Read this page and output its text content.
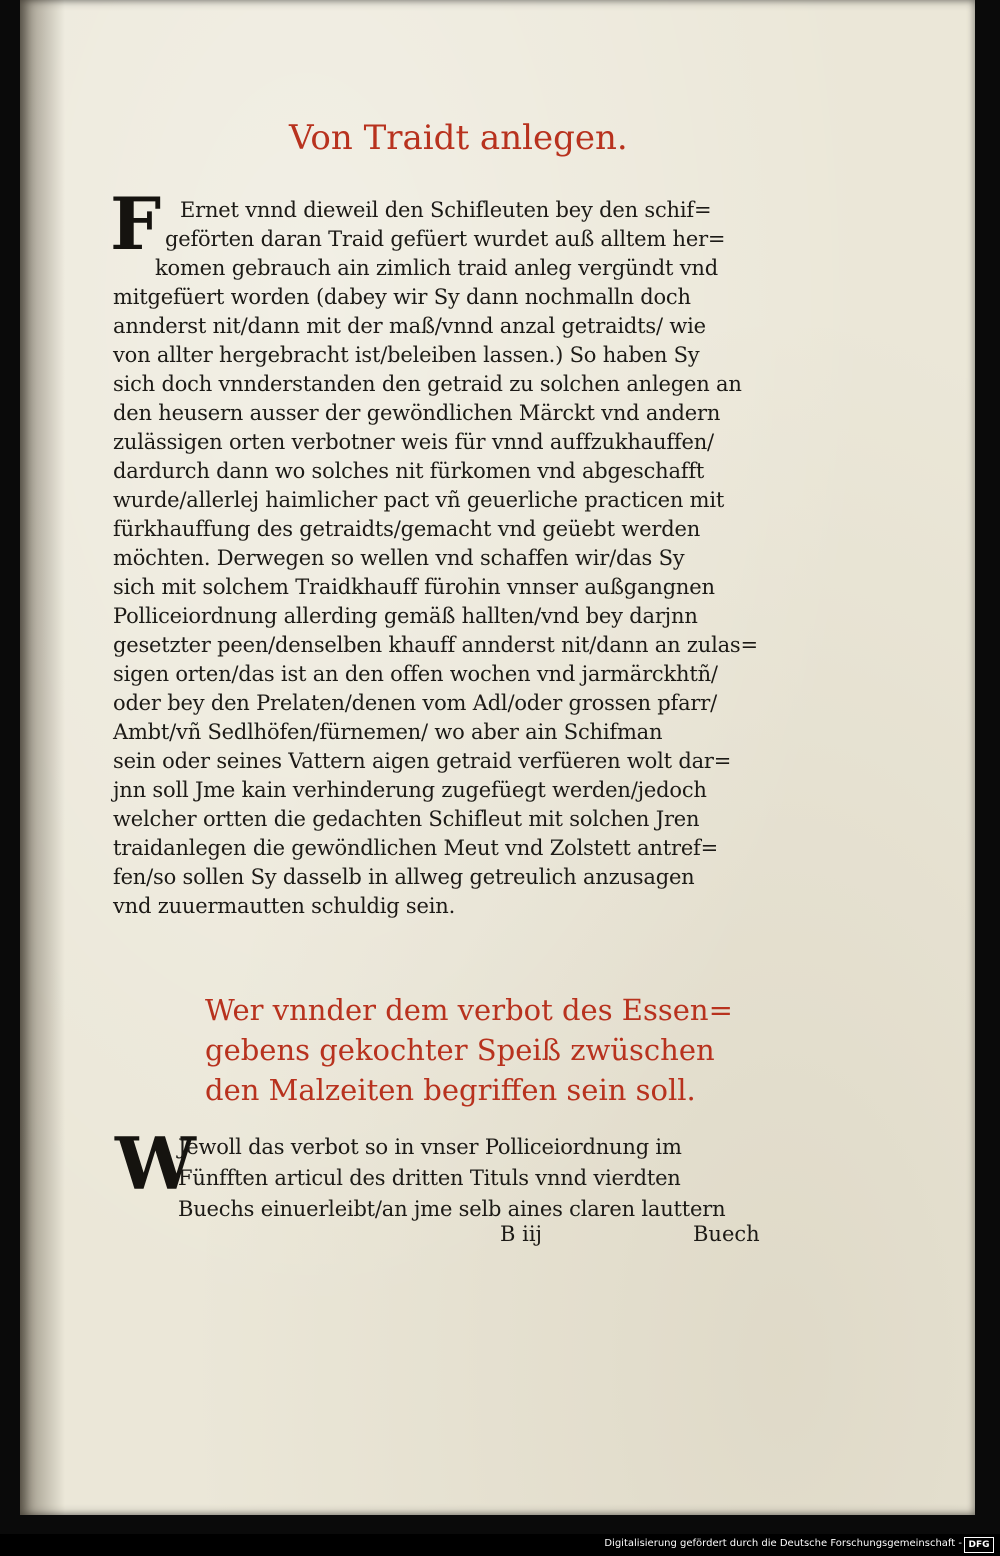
Von Traidt anlegen.
F Ernet vnnd dieweil den Schifleuten bey den schif=
geförten daran Traid gefüert wurdet auß alltem her=
komen gebrauch ain zimlich traid anleg vergündt vnd
mitgefüert worden (dabey wir Sy dann nochmalln doch
annderst nit/dann mit der maß/vnnd anzal getraidts/ wie
von allter hergebracht ist/beleiben lassen.) So haben Sy
sich doch vnnderstanden den getraid zu solchen anlegen an
den heusern ausser der gewöndlichen Märckt vnd andern
zulässigen orten verbotner weis für vnnd auffzukhauffen/
dardurch dann wo solches nit fürkomen vnd abgeschafft
wurde/allerlej haimlicher pact vñ geuerliche practicen mit
fürkhauffung des getraidts/gemacht vnd geüebt werden
möchten. Derwegen so wellen vnd schaffen wir/das Sy
sich mit solchem Traidkhauff fürohin vnnser außgangnen
Polliceiordnung allerding gemäß hallten/vnd bey darjnn
gesetzter peen/denselben khauff annderst nit/dann an zulas=
sigen orten/das ist an den offen wochen vnd jarmärckhtñ/
oder bey den Prelaten/denen vom Adl/oder grossen pfarr/
Ambt/vñ Sedlhöfen/fürnemen/ wo aber ain Schifman
sein oder seines Vattern aigen getraid verfüeren wolt dar=
jnn soll Jme kain verhinderung zugefüegt werden/jedoch
welcher ortten die gedachten Schifleut mit solchen Jren
traidanlegen die gewöndlichen Meut vnd Zolstett antref=
fen/so sollen Sy dasselb in allweg getreulich anzusagen
vnd zuuermautten schuldig sein.
Wer vnnder dem verbot des Essen=
gebens gekochter Speiß zwüschen
den Malzeiten begriffen sein soll.
W
Jewoll das verbot so in vnser Polliceiordnung im
Fünfften articul des dritten Tituls vnnd vierdten
Buechs einuerleibt/an jme selb aines claren lauttern
B iij	Buech
Digitalisierung gefördert durch die Deutsche Forschungsgemeinschaft - DFG
